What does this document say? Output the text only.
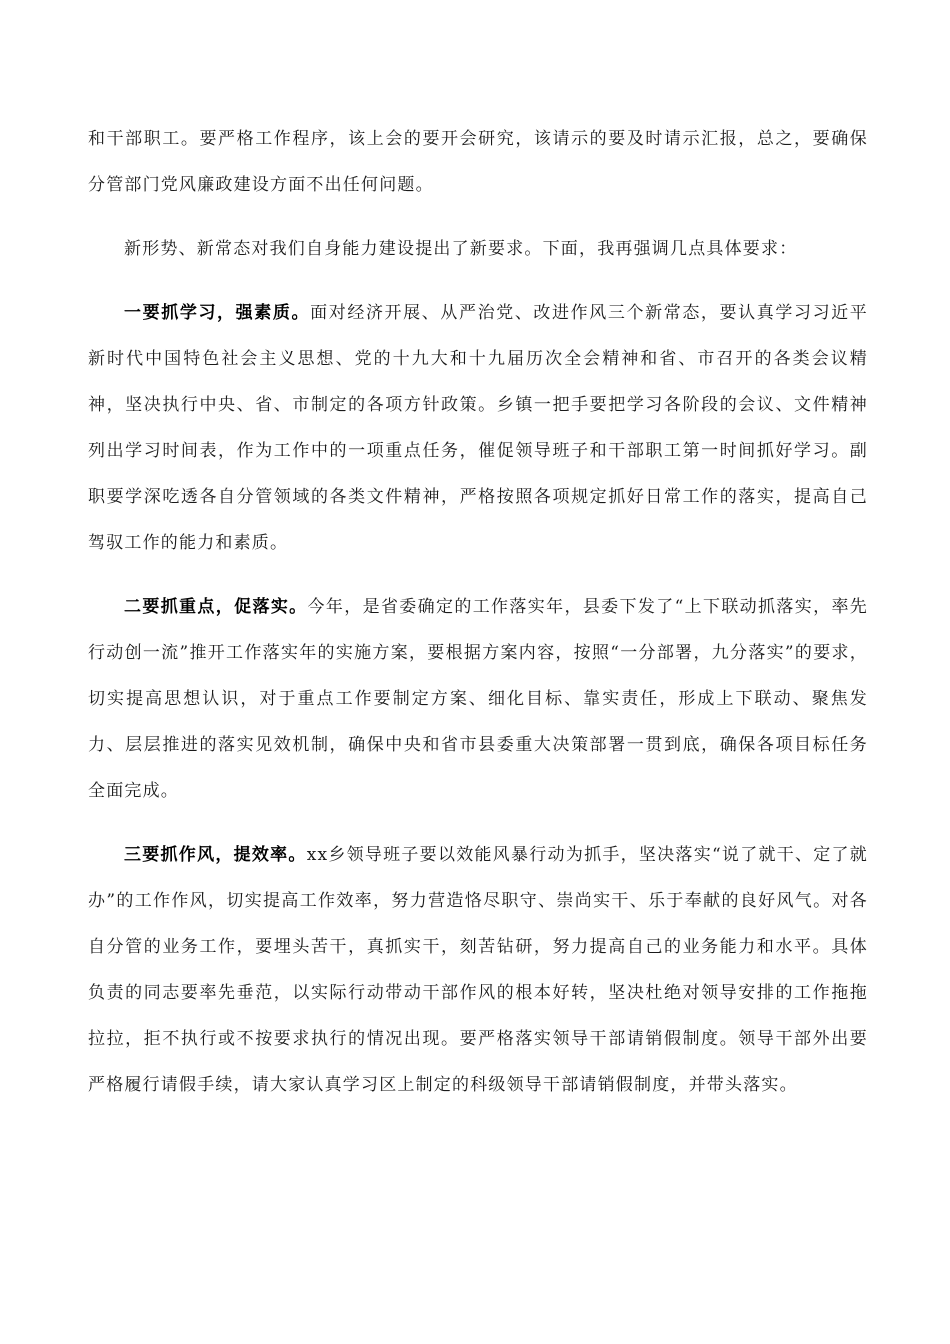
和干部职工。要严格工作程序，该上会的要开会研究，该请示的要及时请示汇报，总之，要确保分管部门党风廉政建设方面不出任何问题。

新形势、新常态对我们自身能力建设提出了新要求。下面，我再强调几点具体要求：

一要抓学习，强素质。面对经济开展、从严治党、改进作风三个新常态，要认真学习习近平新时代中国特色社会主义思想、党的十九大和十九届历次全会精神和省、市召开的各类会议精神，坚决执行中央、省、市制定的各项方针政策。乡镇一把手要把学习各阶段的会议、文件精神列出学习时间表，作为工作中的一项重点任务，催促领导班子和干部职工第一时间抓好学习。副职要学深吃透各自分管领域的各类文件精神，严格按照各项规定抓好日常工作的落实，提高自己驾驭工作的能力和素质。

二要抓重点，促落实。今年，是省委确定的工作落实年，县委下发了“上下联动抓落实，率先行动创一流”推开工作落实年的实施方案，要根据方案内容，按照“一分部署，九分落实”的要求，切实提高思想认识，对于重点工作要制定方案、细化目标、靠实责任，形成上下联动、聚焦发力、层层推进的落实见效机制，确保中央和省市县委重大决策部署一贯到底，确保各项目标任务全面完成。

三要抓作风，提效率。xx乡领导班子要以效能风暴行动为抓手，坚决落实“说了就干、定了就办”的工作作风，切实提高工作效率，努力营造恪尽职守、崇尚实干、乐于奉献的良好风气。对各自分管的业务工作，要埋头苦干，真抓实干，刻苦钻研，努力提高自己的业务能力和水平。具体负责的同志要率先垂范，以实际行动带动干部作风的根本好转，坚决杜绝对领导安排的工作拖拖拉拉，拒不执行或不按要求执行的情况出现。要严格落实领导干部请销假制度。领导干部外出要严格履行请假手续，请大家认真学习区上制定的科级领导干部请销假制度，并带头落实。
